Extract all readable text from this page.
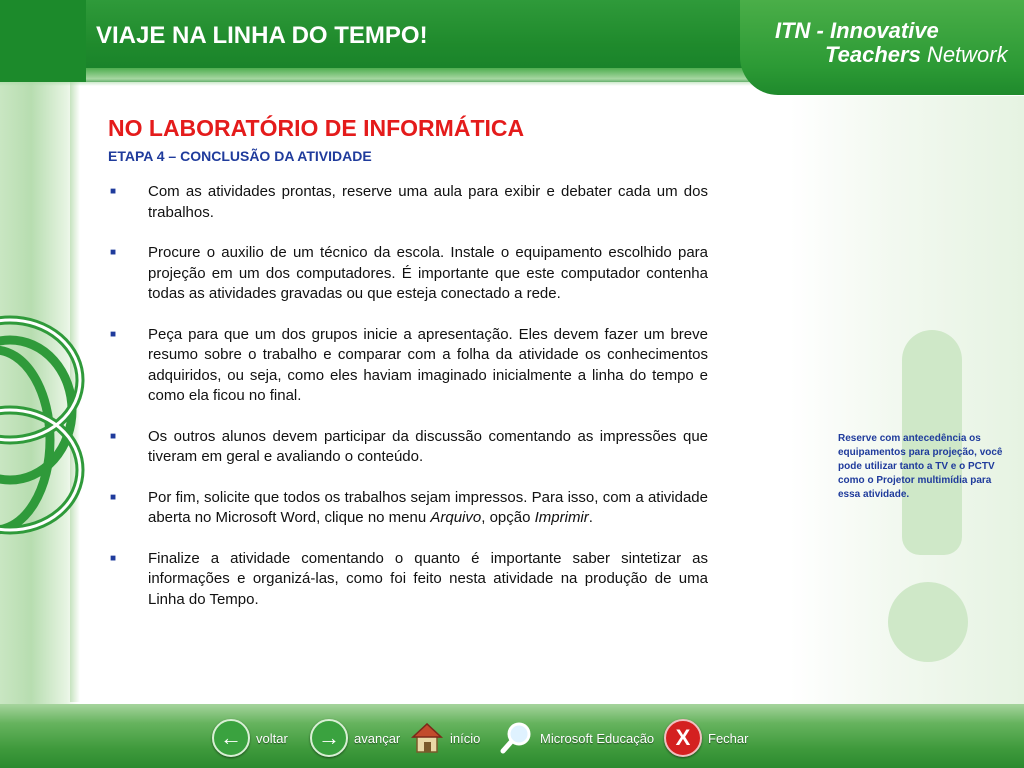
VIAJE NA LINHA DO TEMPO!	ITN - Innovative
Teachers Network
Reserve com antecedência os equipamentos para projeção, você pode utilizar tanto a TV e o PCTV como o Projetor multimídia para essa atividade.
NO LABORATÓRIO DE INFORMÁTICA
ETAPA 4 – CONCLUSÃO DA ATIVIDADE
■ Com as atividades prontas, reserve uma aula para exibir e debater cada um dos trabalhos.
■ Procure o auxilio de um técnico da escola. Instale o equipamento escolhido para projeção em um dos computadores. É importante que este computador contenha todas as atividades gravadas ou que esteja conectado a rede.
■ Peça para que um dos grupos inicie a apresentação. Eles devem fazer um breve resumo sobre o trabalho e comparar com a folha da atividade os conhecimentos adquiridos, ou seja, como eles haviam imaginado inicialmente a linha do tempo e como ela ficou no final.
■ Os outros alunos devem participar da discussão comentando as impressões que tiveram em geral e avaliando o conteúdo.
■ Por fim, solicite que todos os trabalhos sejam impressos. Para isso, com a atividade aberta no Microsoft Word, clique no menu Arquivo, opção Imprimir.
■ Finalize a atividade comentando o quanto é importante saber sintetizar as informações e organizá-las, como foi feito nesta atividade na produção de uma Linha do Tempo.
←	voltar	→	avançar	início	Microsoft Educação X	Fechar
